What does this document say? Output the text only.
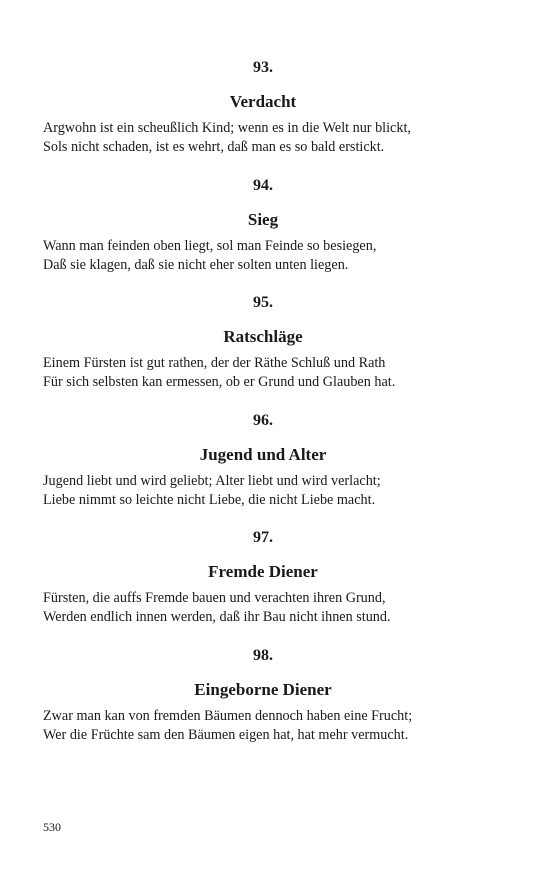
93.
Verdacht
Argwohn ist ein scheußlich Kind; wenn es in die Welt nur blickt,
Sols nicht schaden, ist es wehrt, daß man es so bald erstickt.
94.
Sieg
Wann man feinden oben liegt, sol man Feinde so besiegen,
Daß sie klagen, daß sie nicht eher solten unten liegen.
95.
Ratschläge
Einem Fürsten ist gut rathen, der der Räthe Schluß und Rath
Für sich selbsten kan ermessen, ob er Grund und Glauben hat.
96.
Jugend und Alter
Jugend liebt und wird geliebt; Alter liebt und wird verlacht;
Liebe nimmt so leichte nicht Liebe, die nicht Liebe macht.
97.
Fremde Diener
Fürsten, die auffs Fremde bauen und verachten ihren Grund,
Werden endlich innen werden, daß ihr Bau nicht ihnen stund.
98.
Eingeborne Diener
Zwar man kan von fremden Bäumen dennoch haben eine Frucht;
Wer die Früchte sam den Bäumen eigen hat, hat mehr vermucht.
530
